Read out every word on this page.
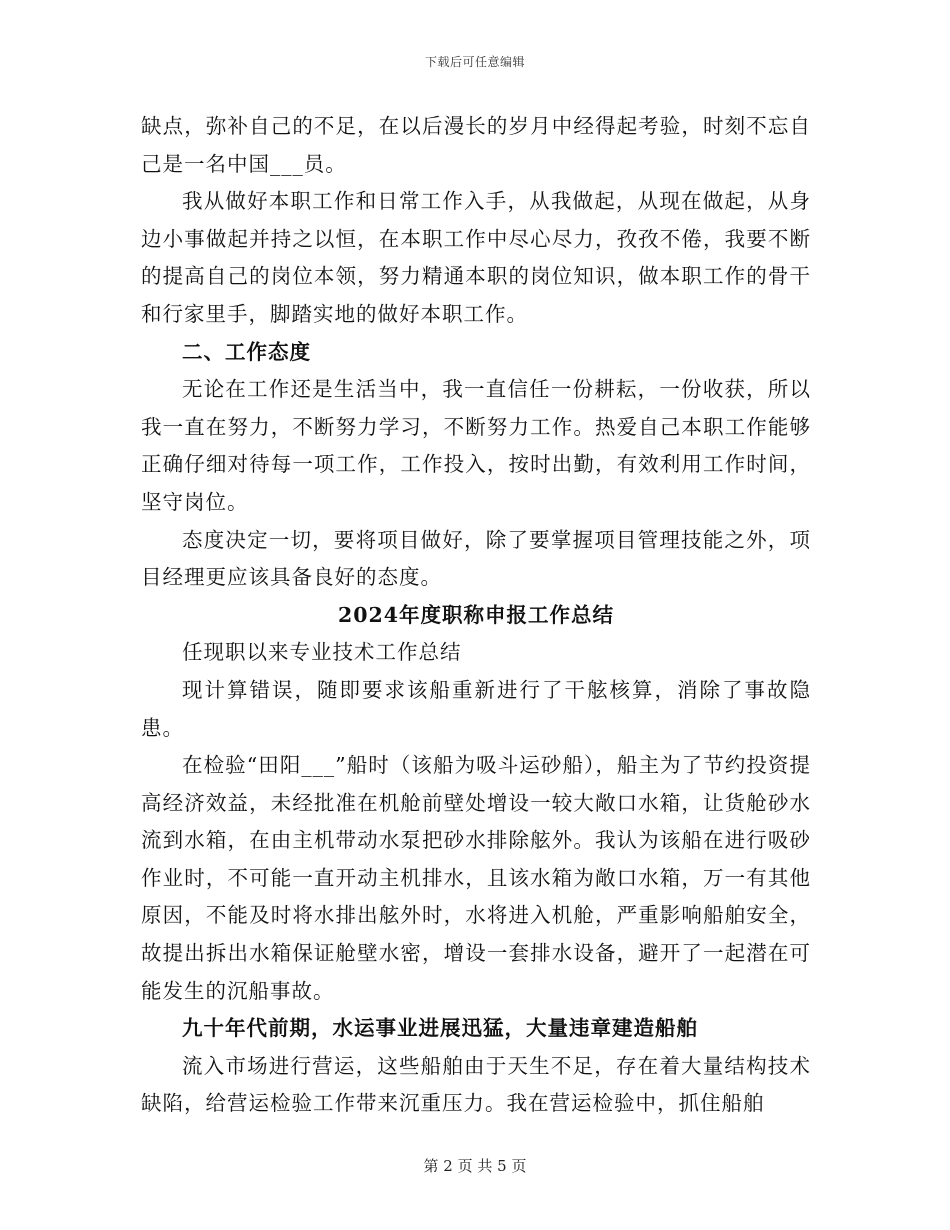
下载后可任意编辑

缺点，弥补自己的不足，在以后漫长的岁月中经得起考验，时刻不忘自己是一名中国___员。

我从做好本职工作和日常工作入手，从我做起，从现在做起，从身边小事做起并持之以恒，在本职工作中尽心尽力，孜孜不倦，我要不断的提高自己的岗位本领，努力精通本职的岗位知识，做本职工作的骨干和行家里手，脚踏实地的做好本职工作。

二、工作态度

无论在工作还是生活当中，我一直信任一份耕耘，一份收获，所以我一直在努力，不断努力学习，不断努力工作。热爱自己本职工作能够正确仔细对待每一项工作，工作投入，按时出勤，有效利用工作时间，坚守岗位。

态度决定一切，要将项目做好，除了要掌握项目管理技能之外，项目经理更应该具备良好的态度。

2024年度职称申报工作总结

任现职以来专业技术工作总结

现计算错误，随即要求该船重新进行了干舷核算，消除了事故隐患。

在检验“田阳___”船时（该船为吸斗运砂船），船主为了节约投资提高经济效益，未经批准在机舱前壁处增设一较大敞口水箱，让货舱砂水流到水箱，在由主机带动水泵把砂水排除舷外。我认为该船在进行吸砂作业时，不可能一直开动主机排水，且该水箱为敞口水箱，万一有其他原因，不能及时将水排出舷外时，水将进入机舱，严重影响船舶安全，故提出拆出水箱保证舱壁水密，增设一套排水设备，避开了一起潜在可能发生的沉船事故。

九十年代前期，水运事业进展迅猛，大量违章建造船舶

流入市场进行营运，这些船舶由于天生不足，存在着大量结构技术缺陷，给营运检验工作带来沉重压力。我在营运检验中，抓住船舶

第 2 页 共 5 页
